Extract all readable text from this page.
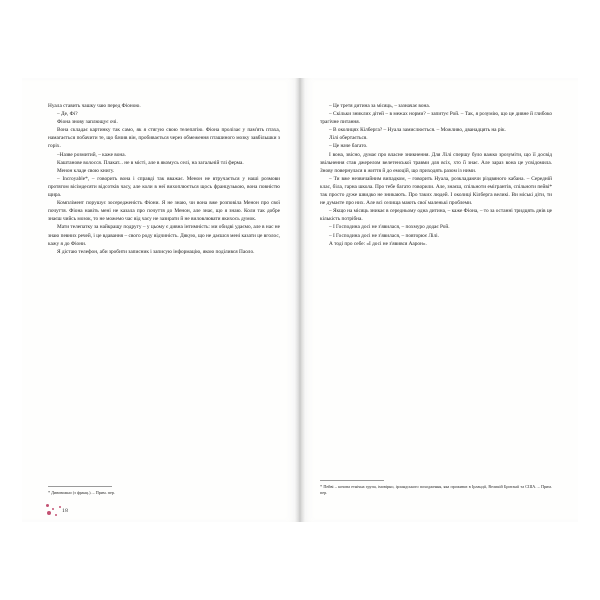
Нуала ставить чашку чаю перед Фіоною.

– Де, Фі?

Фіона знову заплющує очі.

Вона складає картинку так само, як я стягую свою телепатію. Фіона пролізає у пам'ять птаха, намагається побачити те, що бачив він, пробивається через обмеження пташиного мозку завбільшки з горіх.

–Назве розмитий, – каже вона.

Каштанове волосся. Плакат... не в місті, але в якомусь селі, на загальній тлі ферма.

Менон кладе свою книгу.

– Incroyable*, – говорить вона і справді так вважає. Менон не втручається у наші розмови протягом вісімдесяти відсотків часу, але коли в неї вихоплюється щось французькою, вона повністю щира.

Комплімент порушує зосередженість Фіони. Я не знаю, чи вона вже розповіла Менон про свої почуття. Фіона навіть мені не казала про почуття до Менон, але знає, що я знаю. Коли так добре знаєш чийсь мозок, то не можемо час від часу не зазирати й не виловлювати якихось думок.

Мати телепатку за найкращу подругу – у цьому є дивна інтимність: ми обидві удаємо, але в нас не знаю певних речей, і це вдавання – свого роду відчиність. Дякую, що не даєшся мені казати це вголос, кажу я до Фіони.

Я дістаю телефон, аби зробити записник і записую інформацію, якою поділився Паоло.

* Дивовижно (з франц.). – Прим. пер.
18

– Це третя дитина за місяць, – зазначає вона.

– Скільки зниклих дітей – в межах норми? – запитує Рой. – Так, я розумію, що це дивне й глибоко трагічне питання.

– В околицях Кілберга? – Нуала замислюється. – Можливо, дванадцять на рік.

Лілі обертається.

– Це наче багато.

І вона, звісно, думає про власне зникнення. Для Лілі спершу було важко зрозуміти, що її досвід звільнення став джерелом велетенської травми для всіх, хто її знає. Але зараз вона це усвідомила. Знову повернулася в життя й до емоцій, що приходять разом із ними.

– Ти вже незвичайним випадком, – говорить Нуала, розкладаючи різдвяного кабана. – Середній клас, біла, гарна школа. Про тебе багато говорили. Але, знаєш, спільноти емігрантів, спільноти пейві* так просто дуже швидко не зникають. Про таких людей. І околиці Кілберга великі. Ви міські діти, ти не думаєте про них. Але всі селища мають свої маленькі проблеми.

– Якщо на місяць зникає в середньому одна дитина, – каже Фіона, – то за останні тридцять днів це кількість потрібна.

– І Господина досі не з'явилася, – похмуро додає Рой.

– І Господина досі не з'явилася, – повторює Лілі.

А тоді про себе: «І досі не з'явився Аарон».

* Пейві – кочова етнічна група, імовірно, ірландського походження, яка проживає в Ірландії, Великій Британії та США. – Прим. пер.
